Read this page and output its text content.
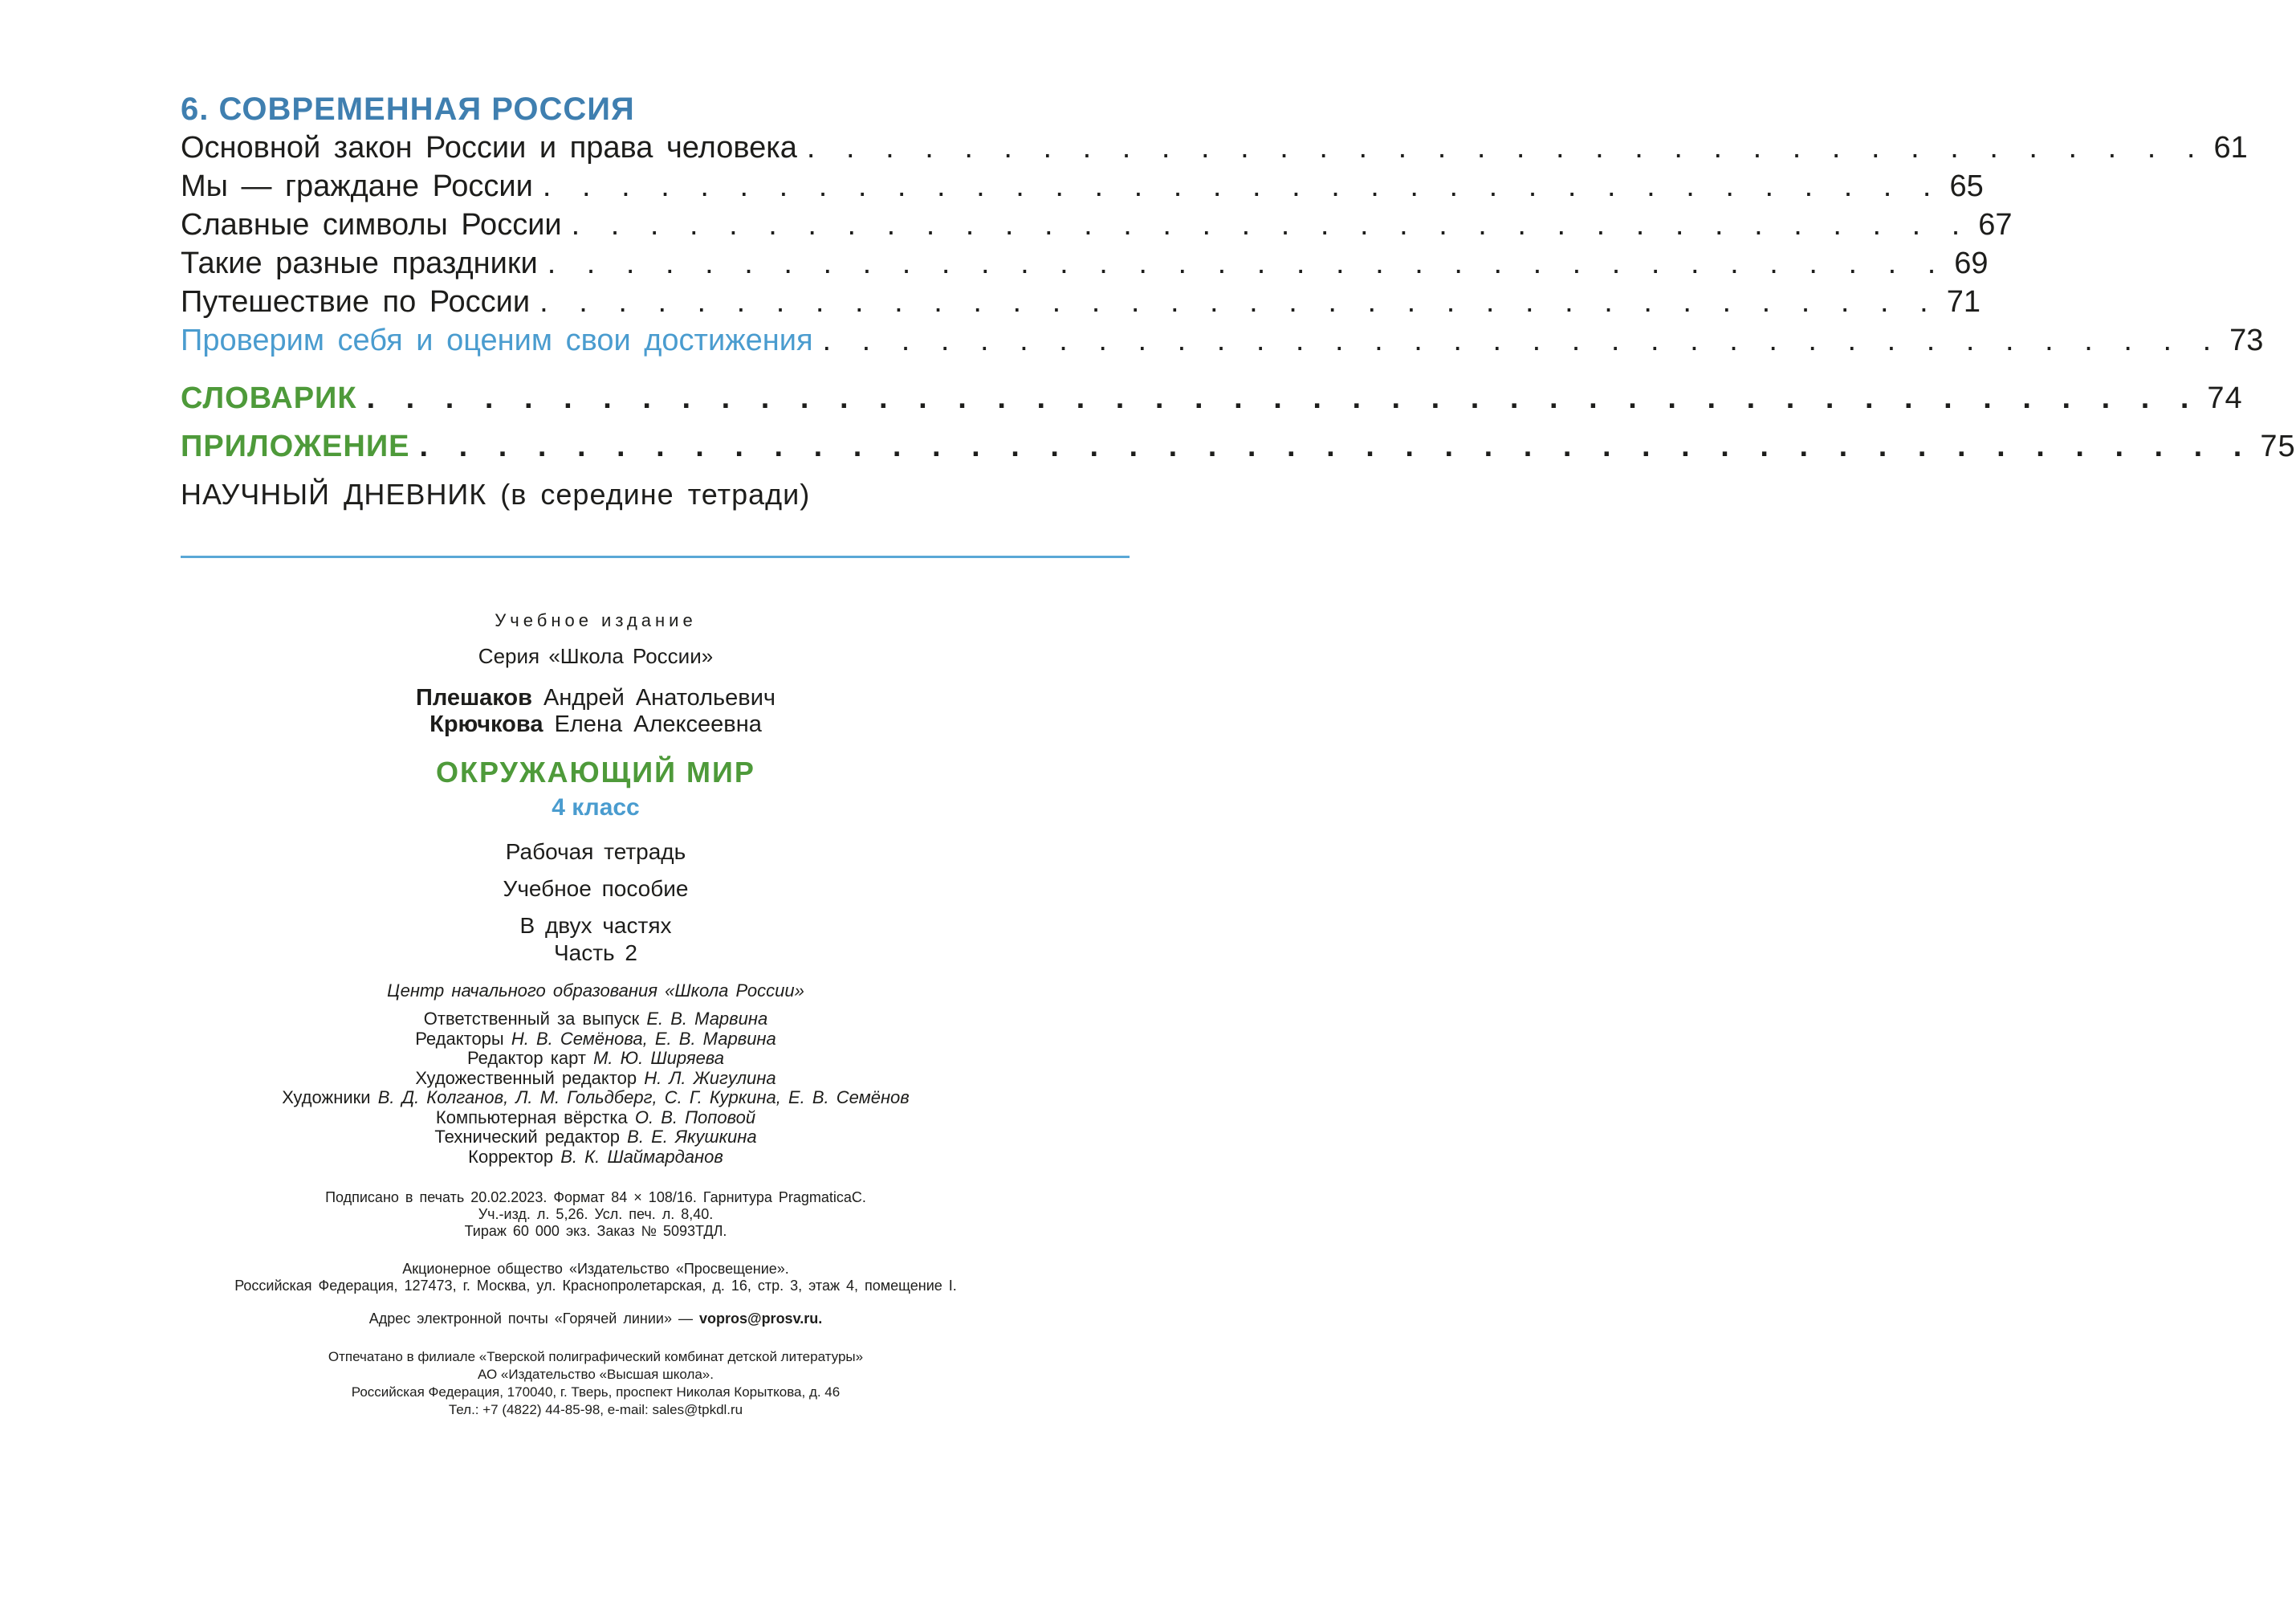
6. СОВРЕМЕННАЯ РОССИЯ
Основной закон России и права человека . . . . . . . . . . . . . . . . . . . . . . . . . . . . . . . . . . . . 61
Мы — граждане России . . . . . . . . . . . . . . . . . . . . . . . . . . . . . . . . . . . . 65
Славные символы России . . . . . . . . . . . . . . . . . . . . . . . . . . . . . . . . . . . . 67
Такие разные праздники . . . . . . . . . . . . . . . . . . . . . . . . . . . . . . . . . . . . 69
Путешествие по России . . . . . . . . . . . . . . . . . . . . . . . . . . . . . . . . . . . . 71
Проверим себя и оценим свои достижения . . . . . . . . . . . . . . . . . . . . . . . . . . . . . . . . . . . . 73
СЛОВАРИК . . . . . . . . . . . . . . . . . . . . . . . . . . . . . . . . . . . . . . . . . . . . . . . 74
ПРИЛОЖЕНИЕ . . . . . . . . . . . . . . . . . . . . . . . . . . . . . . . . . . . . . . . . . . . . . . . 75
НАУЧНЫЙ ДНЕВНИК (в середине тетради)
Учебное издание
Серия «Школа России»
Плешаков Андрей Анатольевич
Крючкова Елена Алексеевна
ОКРУЖАЮЩИЙ МИР
4 класс
Рабочая тетрадь
Учебное пособие
В двух частях
Часть 2
Центр начального образования «Школа России»
Ответственный за выпуск Е. В. Марвина
Редакторы Н. В. Семёнова, Е. В. Марвина
Редактор карт М. Ю. Ширяева
Художественный редактор Н. Л. Жигулина
Художники В. Д. Колганов, Л. М. Гольдберг, С. Г. Куркина, Е. В. Семёнов
Компьютерная вёрстка О. В. Поповой
Технический редактор В. Е. Якушкина
Корректор В. К. Шаймарданов
Подписано в печать 20.02.2023. Формат 84 × 108/16. Гарнитура PragmaticaC.
Уч.-изд. л. 5,26. Усл. печ. л. 8,40.
Тираж 60 000 экз. Заказ № 5093ТДЛ.
Акционерное общество «Издательство «Просвещение».
Российская Федерация, 127473, г. Москва, ул. Краснопролетарская, д. 16, стр. 3, этаж 4, помещение I.
Адрес электронной почты «Горячей линии» — vopros@prosv.ru.
Отпечатано в филиале «Тверской полиграфический комбинат детской литературы»
АО «Издательство «Высшая школа».
Российская Федерация, 170040, г. Тверь, проспект Николая Корыткова, д. 46
Тел.: +7 (4822) 44-85-98, e-mail: sales@tpkdl.ru
